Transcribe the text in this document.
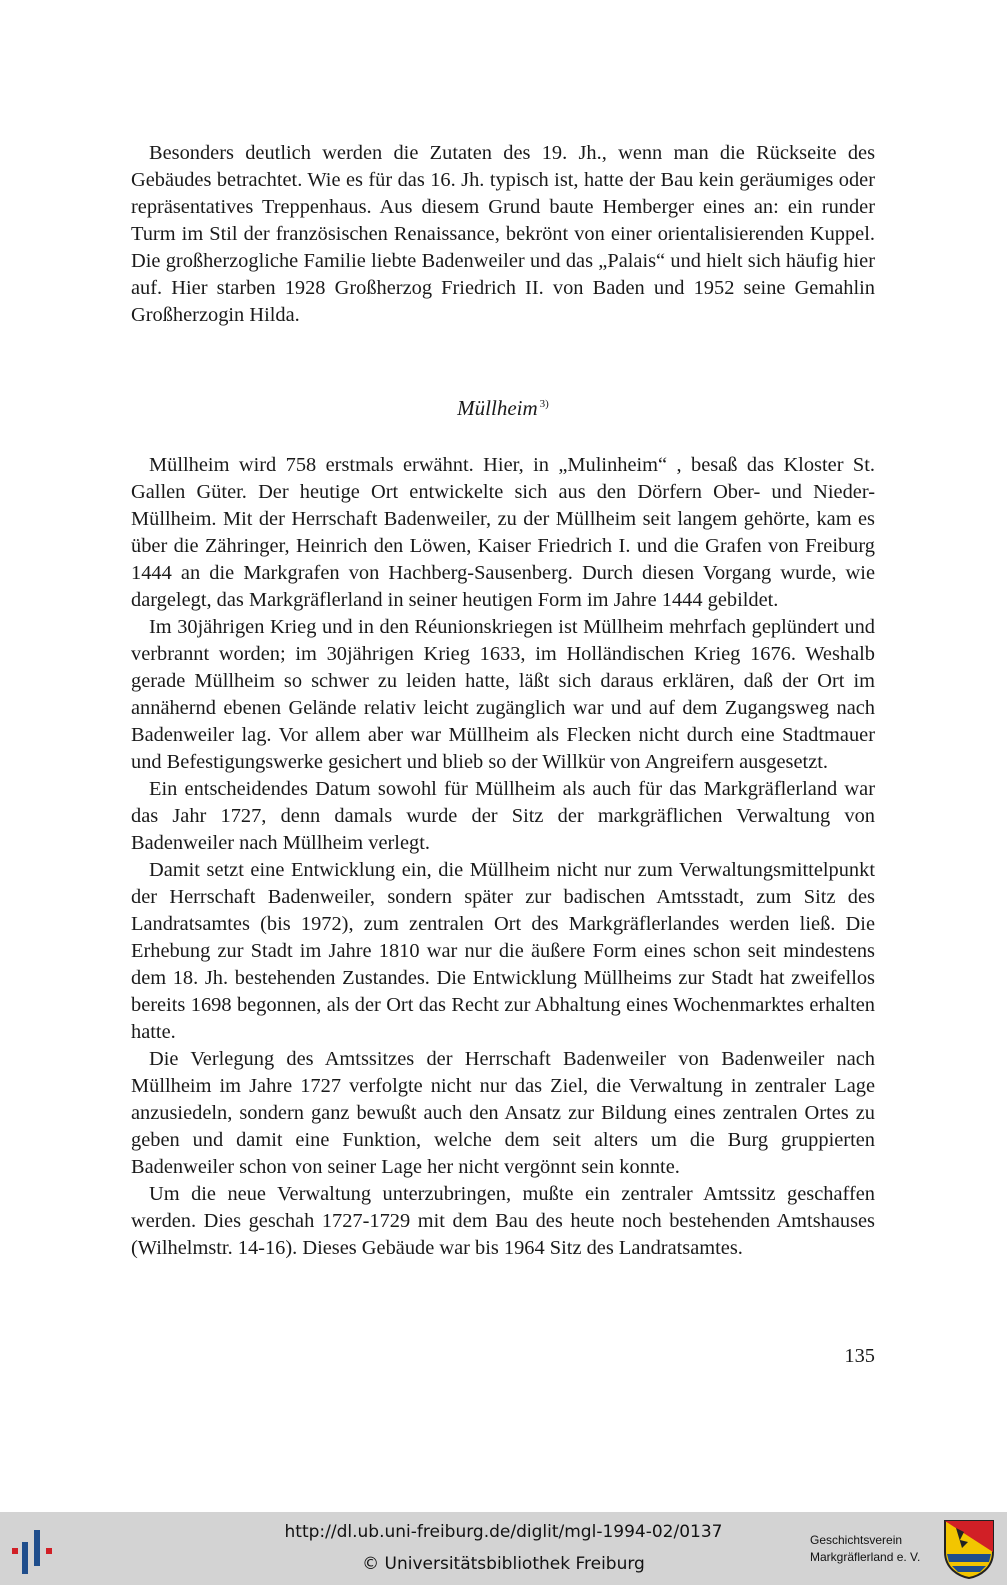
Besonders deutlich werden die Zutaten des 19. Jh., wenn man die Rückseite des Gebäudes betrachtet. Wie es für das 16. Jh. typisch ist, hatte der Bau kein geräumiges oder repräsentatives Treppenhaus. Aus diesem Grund baute Hemberger eines an: ein runder Turm im Stil der französischen Renaissance, bekrönt von einer orientalisierenden Kuppel. Die großherzogliche Familie liebte Badenweiler und das „Palais“ und hielt sich häufig hier auf. Hier starben 1928 Großherzog Friedrich II. von Baden und 1952 seine Gemahlin Großherzogin Hilda.

Müllheim $^{3)}$

Müllheim wird 758 erstmals erwähnt. Hier, in „Mulinheim“ , besaß das Kloster St. Gallen Güter. Der heutige Ort entwickelte sich aus den Dörfern Ober- und Nieder-Müllheim. Mit der Herrschaft Badenweiler, zu der Müllheim seit langem gehörte, kam es über die Zähringer, Heinrich den Löwen, Kaiser Friedrich I. und die Grafen von Freiburg 1444 an die Markgrafen von Hachberg-Sausenberg. Durch diesen Vorgang wurde, wie dargelegt, das Markgräflerland in seiner heutigen Form im Jahre 1444 gebildet.

Im 30jährigen Krieg und in den Réunionskriegen ist Müllheim mehrfach geplündert und verbrannt worden; im 30jährigen Krieg 1633, im Holländischen Krieg 1676. Weshalb gerade Müllheim so schwer zu leiden hatte, läßt sich daraus erklären, daß der Ort im annähernd ebenen Gelände relativ leicht zugänglich war und auf dem Zugangsweg nach Badenweiler lag. Vor allem aber war Müllheim als Flecken nicht durch eine Stadtmauer und Befestigungswerke gesichert und blieb so der Willkür von Angreifern ausgesetzt.

Ein entscheidendes Datum sowohl für Müllheim als auch für das Markgräflerland war das Jahr 1727, denn damals wurde der Sitz der markgräflichen Verwaltung von Badenweiler nach Müllheim verlegt.

Damit setzt eine Entwicklung ein, die Müllheim nicht nur zum Verwaltungsmittelpunkt der Herrschaft Badenweiler, sondern später zur badischen Amtsstadt, zum Sitz des Landratsamtes (bis 1972), zum zentralen Ort des Markgräflerlandes werden ließ. Die Erhebung zur Stadt im Jahre 1810 war nur die äußere Form eines schon seit mindestens dem 18. Jh. bestehenden Zustandes. Die Entwicklung Müllheims zur Stadt hat zweifellos bereits 1698 begonnen, als der Ort das Recht zur Abhaltung eines Wochenmarktes erhalten hatte.

Die Verlegung des Amtssitzes der Herrschaft Badenweiler von Badenweiler nach Müllheim im Jahre 1727 verfolgte nicht nur das Ziel, die Verwaltung in zentraler Lage anzusiedeln, sondern ganz bewußt auch den Ansatz zur Bildung eines zentralen Ortes zu geben und damit eine Funktion, welche dem seit alters um die Burg gruppierten Badenweiler schon von seiner Lage her nicht vergönnt sein konnte.

Um die neue Verwaltung unterzubringen, mußte ein zentraler Amtssitz geschaffen werden. Dies geschah 1727-1729 mit dem Bau des heute noch bestehenden Amtshauses (Wilhelmstr. 14-16). Dieses Gebäude war bis 1964 Sitz des Landratsamtes.

135
http://dl.ub.uni-freiburg.de/diglit/mgl-1994-02/0137
© Universitätsbibliothek Freiburg
Geschichtsverein
Markgräflerland e. V.
